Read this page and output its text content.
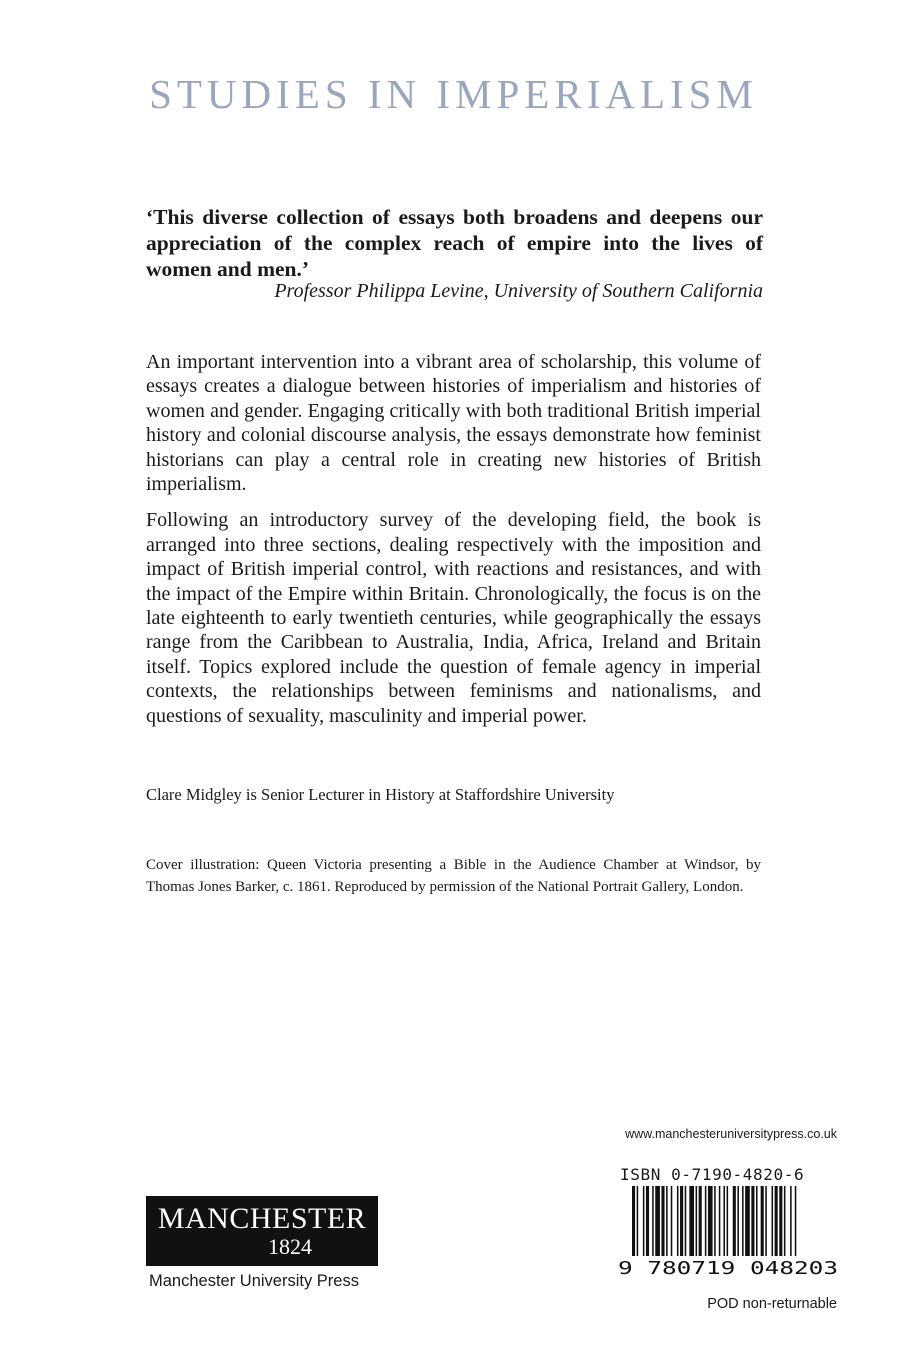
STUDIES IN IMPERIALISM

‘This diverse collection of essays both broadens and deepens our appreciation of the complex reach of empire into the lives of women and men.’

Professor Philippa Levine, University of Southern California

An important intervention into a vibrant area of scholarship, this volume of essays creates a dialogue between histories of imperialism and histories of women and gender. Engaging critically with both traditional British imperial history and colonial discourse analysis, the essays demonstrate how feminist historians can play a central role in creating new histories of British imperialism.

Following an introductory survey of the developing field, the book is arranged into three sections, dealing respectively with the imposition and impact of British imperial control, with reactions and resistances, and with the impact of the Empire within Britain. Chronologically, the focus is on the late eighteenth to early twentieth centuries, while geographically the essays range from the Caribbean to Australia, India, Africa, Ireland and Britain itself. Topics explored include the question of female agency in imperial contexts, the relationships between feminisms and nationalisms, and questions of sexuality, masculinity and imperial power.

Clare Midgley is Senior Lecturer in History at Staffordshire University

Cover illustration: Queen Victoria presenting a Bible in the Audience Chamber at Windsor, by Thomas Jones Barker, c. 1861. Reproduced by permission of the National Portrait Gallery, London.

www.manchesteruniversitypress.co.uk

MANCHESTER
1824

Manchester University Press

ISBN 0-7190-4820-6

9 780719 048203

POD non-returnable
